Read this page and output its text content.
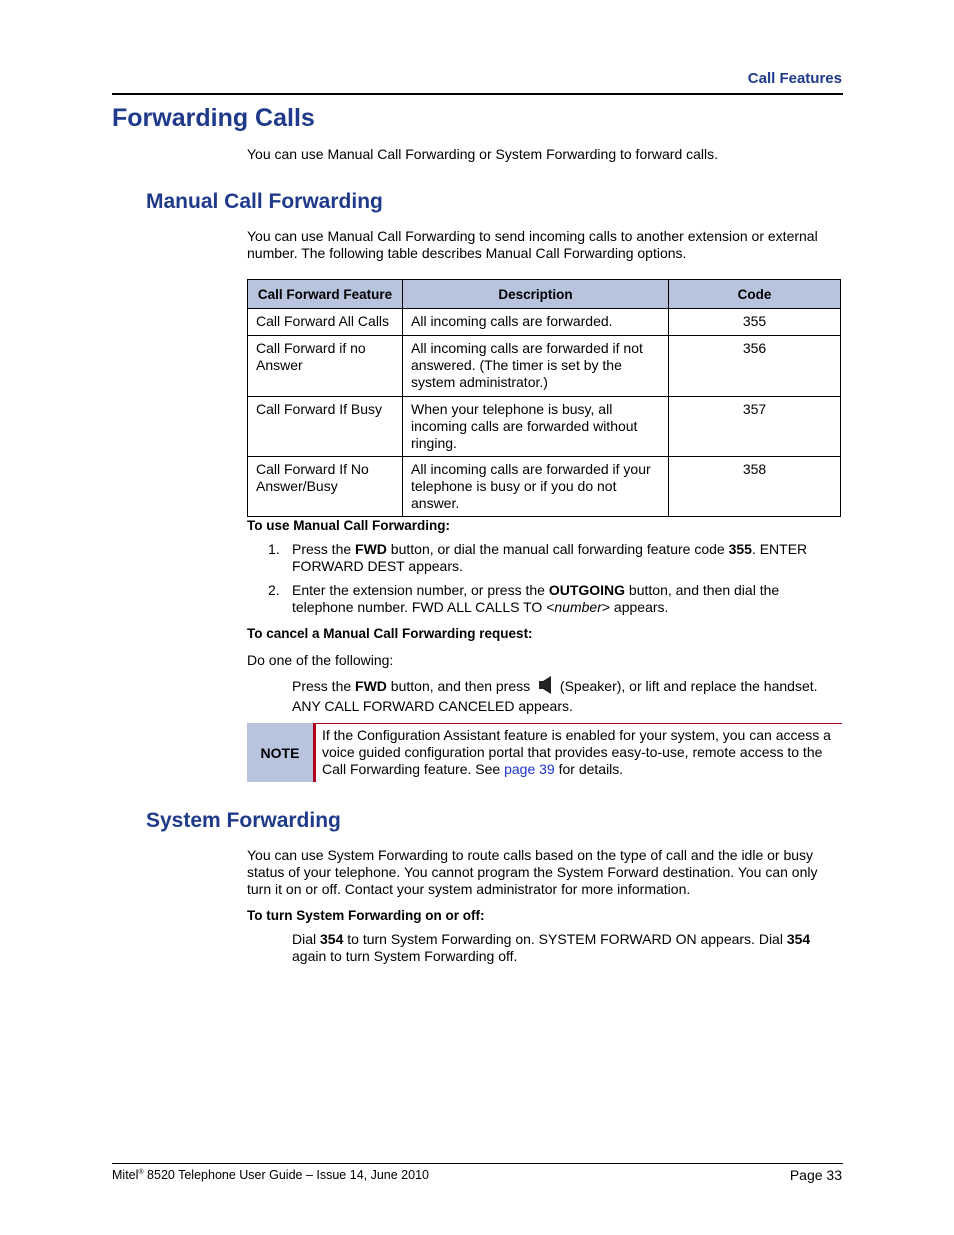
Call Features
Forwarding Calls
You can use Manual Call Forwarding or System Forwarding to forward calls.
Manual Call Forwarding
You can use Manual Call Forwarding to send incoming calls to another extension or external number. The following table describes Manual Call Forwarding options.
Call Forward Feature	Description	Code
Call Forward All Calls	All incoming calls are forwarded.	355
Call Forward if no Answer	All incoming calls are forwarded if not answered. (The timer is set by the system administrator.)	356
Call Forward If Busy	When your telephone is busy, all incoming calls are forwarded without ringing.	357
Call Forward If No Answer/Busy	All incoming calls are forwarded if your telephone is busy or if you do not answer.	358
To use Manual Call Forwarding:
1. Press the FWD button, or dial the manual call forwarding feature code 355. ENTER FORWARD DEST appears.
2. Enter the extension number, or press the OUTGOING button, and then dial the telephone number. FWD ALL CALLS TO <number> appears.
To cancel a Manual Call Forwarding request:
Do one of the following:
Press the FWD button, and then press  (Speaker), or lift and replace the handset. ANY CALL FORWARD CANCELED appears.
NOTE
If the Configuration Assistant feature is enabled for your system, you can access a voice guided configuration portal that provides easy-to-use, remote access to the Call Forwarding feature. See page 39 for details.
System Forwarding
You can use System Forwarding to route calls based on the type of call and the idle or busy status of your telephone. You cannot program the System Forward destination. You can only turn it on or off. Contact your system administrator for more information.
To turn System Forwarding on or off:
Dial 354 to turn System Forwarding on. SYSTEM FORWARD ON appears. Dial 354 again to turn System Forwarding off.
Mitel® 8520 Telephone User Guide – Issue 14, June 2010	Page 33
